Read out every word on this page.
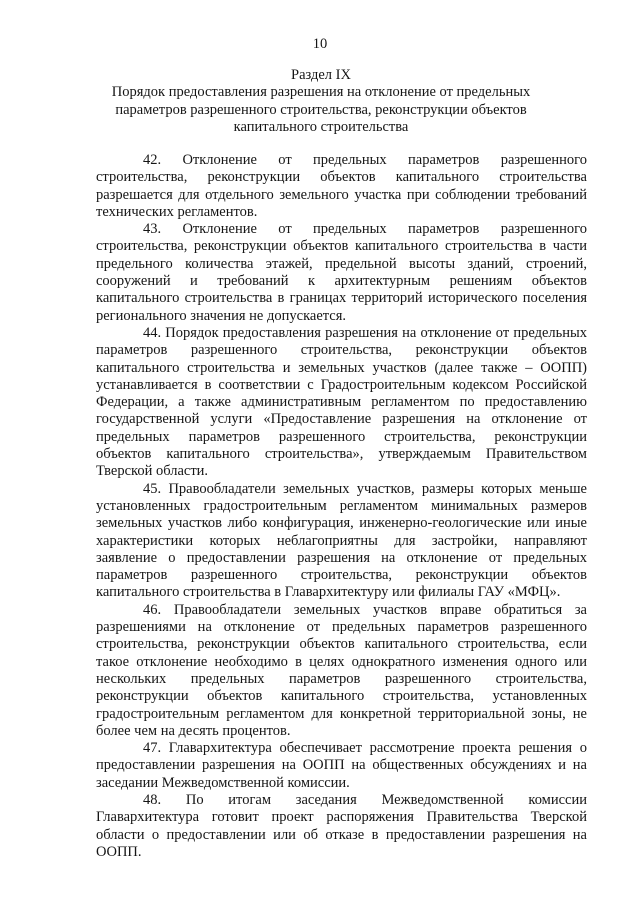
10
Раздел IX
Порядок предоставления разрешения на отклонение от предельных
параметров разрешенного строительства, реконструкции объектов
капитального строительства

42. Отклонение от предельных параметров разрешенного
строительства, реконструкции объектов капитального строительства
разрешается для отдельного земельного участка при соблюдении требований
технических регламентов.

43. Отклонение от предельных параметров разрешенного
строительства, реконструкции объектов капитального строительства в части
предельного количества этажей, предельной высоты зданий, строений,
сооружений и требований к архитектурным решениям объектов
капитального строительства в границах территорий исторического поселения
регионального значения не допускается.

44. Порядок предоставления разрешения на отклонение от предельных
параметров разрешенного строительства, реконструкции объектов
капитального строительства и земельных участков (далее также – ООПП)
устанавливается в соответствии с Градостроительным кодексом Российской
Федерации, а также административным регламентом по предоставлению
государственной услуги «Предоставление разрешения на отклонение от
предельных параметров разрешенного строительства, реконструкции
объектов капитального строительства», утверждаемым Правительством
Тверской области.

45. Правообладатели земельных участков, размеры которых меньше
установленных градостроительным регламентом минимальных размеров
земельных участков либо конфигурация, инженерно-геологические или иные
характеристики которых неблагоприятны для застройки, направляют
заявление о предоставлении разрешения на отклонение от предельных
параметров разрешенного строительства, реконструкции объектов
капитального строительства в Главархитектуру или филиалы ГАУ «МФЦ».

46. Правообладатели земельных участков вправе обратиться за
разрешениями на отклонение от предельных параметров разрешенного
строительства, реконструкции объектов капитального строительства, если
такое отклонение необходимо в целях однократного изменения одного или
нескольких предельных параметров разрешенного строительства,
реконструкции объектов капитального строительства, установленных
градостроительным регламентом для конкретной территориальной зоны, не
более чем на десять процентов.

47. Главархитектура обеспечивает рассмотрение проекта решения о
предоставлении разрешения на ООПП на общественных обсуждениях и на
заседании Межведомственной комиссии.

48. По итогам заседания Межведомственной комиссии
Главархитектура готовит проект распоряжения Правительства Тверской
области о предоставлении или об отказе в предоставлении разрешения на
ООПП.
